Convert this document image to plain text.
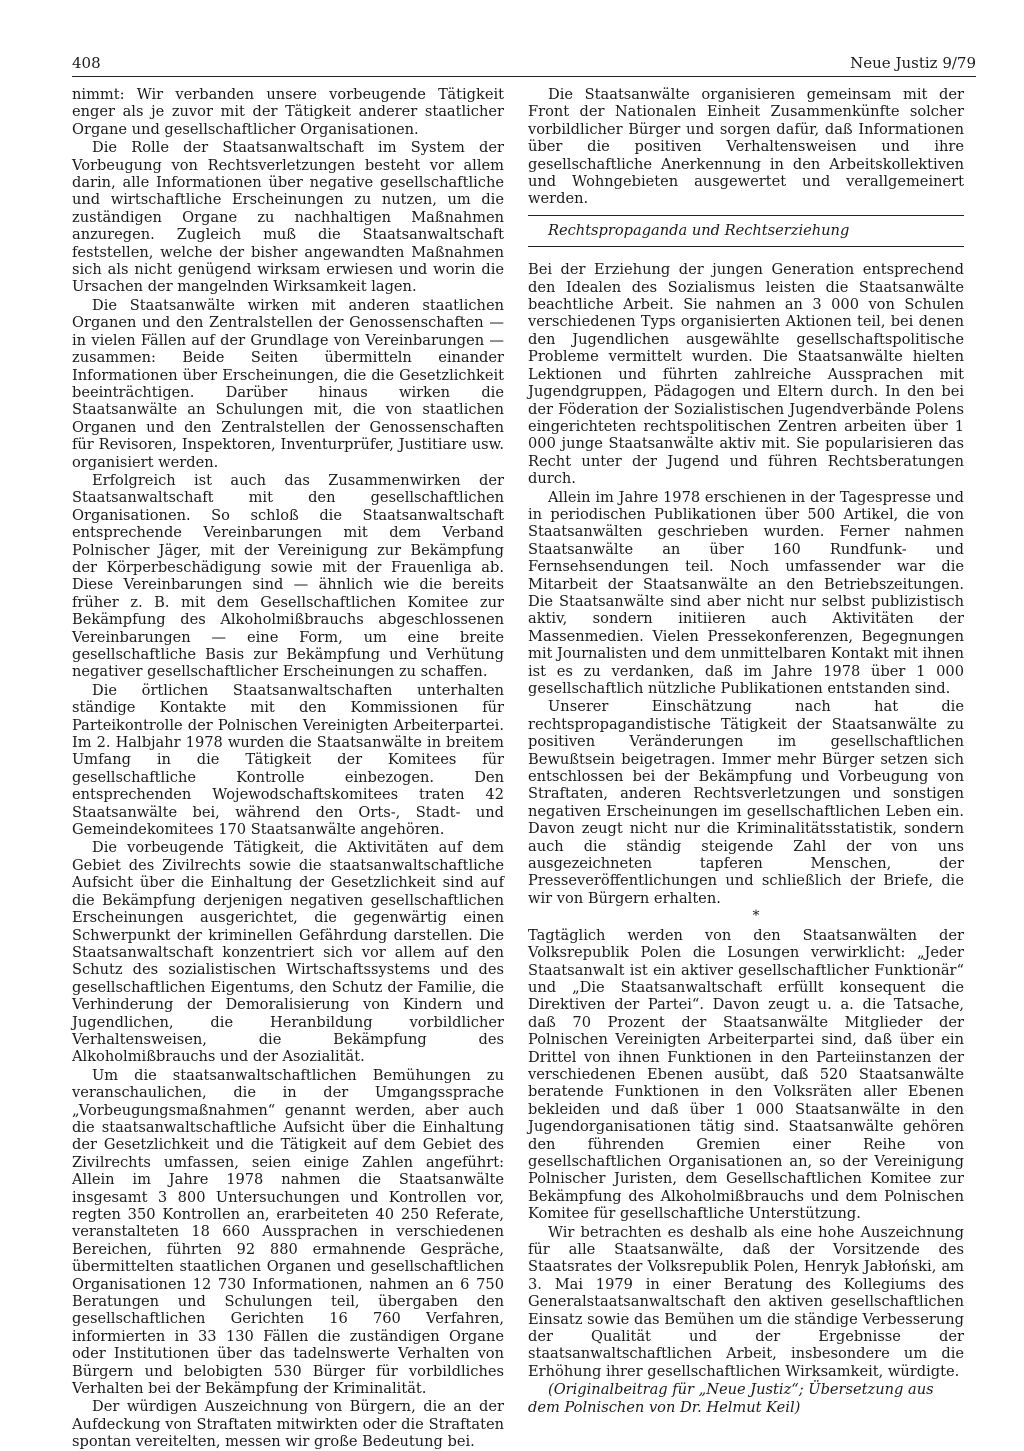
408	Neue Justiz 9/79

nimmt: Wir verbanden unsere vorbeugende Tätigkeit enger als je zuvor mit der Tätigkeit anderer staatlicher Organe und gesellschaftlicher Organisationen.

Die Rolle der Staatsanwaltschaft im System der Vorbeugung von Rechtsverletzungen besteht vor allem darin, alle Informationen über negative gesellschaftliche und wirtschaftliche Erscheinungen zu nutzen, um die zuständigen Organe zu nachhaltigen Maßnahmen anzuregen. Zugleich muß die Staatsanwaltschaft feststellen, welche der bisher angewandten Maßnahmen sich als nicht genügend wirksam erwiesen und worin die Ursachen der mangelnden Wirksamkeit lagen.

Die Staatsanwälte wirken mit anderen staatlichen Organen und den Zentralstellen der Genossenschaften — in vielen Fällen auf der Grundlage von Vereinbarungen — zusammen: Beide Seiten übermitteln einander Informationen über Erscheinungen, die die Gesetzlichkeit beeinträchtigen. Darüber hinaus wirken die Staatsanwälte an Schulungen mit, die von staatlichen Organen und den Zentralstellen der Genossenschaften für Revisoren, Inspektoren, Inventurprüfer, Justitiare usw. organisiert werden.

Erfolgreich ist auch das Zusammenwirken der Staatsanwaltschaft mit den gesellschaftlichen Organisationen. So schloß die Staatsanwaltschaft entsprechende Vereinbarungen mit dem Verband Polnischer Jäger, mit der Vereinigung zur Bekämpfung der Körperbeschädigung sowie mit der Frauenliga ab. Diese Vereinbarungen sind — ähnlich wie die bereits früher z. B. mit dem Gesellschaftlichen Komitee zur Bekämpfung des Alkoholmißbrauchs abgeschlossenen Vereinbarungen — eine Form, um eine breite gesellschaftliche Basis zur Bekämpfung und Verhütung negativer gesellschaftlicher Erscheinungen zu schaffen.

Die örtlichen Staatsanwaltschaften unterhalten ständige Kontakte mit den Kommissionen für Parteikontrolle der Polnischen Vereinigten Arbeiterpartei. Im 2. Halbjahr 1978 wurden die Staatsanwälte in breitem Umfang in die Tätigkeit der Komitees für gesellschaftliche Kontrolle einbezogen. Den entsprechenden Wojewodschaftskomitees traten 42 Staatsanwälte bei, während den Orts-, Stadt- und Gemeindekomitees 170 Staatsanwälte angehören.

Die vorbeugende Tätigkeit, die Aktivitäten auf dem Gebiet des Zivilrechts sowie die staatsanwaltschaftliche Aufsicht über die Einhaltung der Gesetzlichkeit sind auf die Bekämpfung derjenigen negativen gesellschaftlichen Erscheinungen ausgerichtet, die gegenwärtig einen Schwerpunkt der kriminellen Gefährdung darstellen. Die Staatsanwaltschaft konzentriert sich vor allem auf den Schutz des sozialistischen Wirtschaftssystems und des gesellschaftlichen Eigentums, den Schutz der Familie, die Verhinderung der Demoralisierung von Kindern und Jugendlichen, die Heranbildung vorbildlicher Verhaltensweisen, die Bekämpfung des Alkoholmißbrauchs und der Asozialität.

Um die staatsanwaltschaftlichen Bemühungen zu veranschaulichen, die in der Umgangssprache „Vorbeugungsmaßnahmen“ genannt werden, aber auch die staatsanwaltschaftliche Aufsicht über die Einhaltung der Gesetzlichkeit und die Tätigkeit auf dem Gebiet des Zivilrechts umfassen, seien einige Zahlen angeführt: Allein im Jahre 1978 nahmen die Staatsanwälte insgesamt 3 800 Untersuchungen und Kontrollen vor, regten 350 Kontrollen an, erarbeiteten 40 250 Referate, veranstalteten 18 660 Aussprachen in verschiedenen Bereichen, führten 92 880 ermahnende Gespräche, übermittelten staatlichen Organen und gesellschaftlichen Organisationen 12 730 Informationen, nahmen an 6 750 Beratungen und Schulungen teil, übergaben den gesellschaftlichen Gerichten 16 760 Verfahren, informierten in 33 130 Fällen die zuständigen Organe oder Institutionen über das tadelnswerte Verhalten von Bürgern und belobigten 530 Bürger für vorbildliches Verhalten bei der Bekämpfung der Kriminalität.

Der würdigen Auszeichnung von Bürgern, die an der Aufdeckung von Straftaten mitwirkten oder die Straftaten spontan vereitelten, messen wir große Bedeutung bei.

Die Staatsanwälte organisieren gemeinsam mit der Front der Nationalen Einheit Zusammenkünfte solcher vorbildlicher Bürger und sorgen dafür, daß Informationen über die positiven Verhaltensweisen und ihre gesellschaftliche Anerkennung in den Arbeitskollektiven und Wohngebieten ausgewertet und verallgemeinert werden.

Rechtspropaganda und Rechtserziehung

Bei der Erziehung der jungen Generation entsprechend den Idealen des Sozialismus leisten die Staatsanwälte beachtliche Arbeit. Sie nahmen an 3 000 von Schulen verschiedenen Typs organisierten Aktionen teil, bei denen den Jugendlichen ausgewählte gesellschaftspolitische Probleme vermittelt wurden. Die Staatsanwälte hielten Lektionen und führten zahlreiche Aussprachen mit Jugendgruppen, Pädagogen und Eltern durch. In den bei der Föderation der Sozialistischen Jugendverbände Polens eingerichteten rechtspolitischen Zentren arbeiten über 1 000 junge Staatsanwälte aktiv mit. Sie popularisieren das Recht unter der Jugend und führen Rechtsberatungen durch.

Allein im Jahre 1978 erschienen in der Tagespresse und in periodischen Publikationen über 500 Artikel, die von Staatsanwälten geschrieben wurden. Ferner nahmen Staatsanwälte an über 160 Rundfunk- und Fernsehsendungen teil. Noch umfassender war die Mitarbeit der Staatsanwälte an den Betriebszeitungen. Die Staatsanwälte sind aber nicht nur selbst publizistisch aktiv, sondern initiieren auch Aktivitäten der Massenmedien. Vielen Pressekonferenzen, Begegnungen mit Journalisten und dem unmittelbaren Kontakt mit ihnen ist es zu verdanken, daß im Jahre 1978 über 1 000 gesellschaftlich nützliche Publikationen entstanden sind.

Unserer Einschätzung nach hat die rechtspropagandistische Tätigkeit der Staatsanwälte zu positiven Veränderungen im gesellschaftlichen Bewußtsein beigetragen. Immer mehr Bürger setzen sich entschlossen bei der Bekämpfung und Vorbeugung von Straftaten, anderen Rechtsverletzungen und sonstigen negativen Erscheinungen im gesellschaftlichen Leben ein. Davon zeugt nicht nur die Kriminalitätsstatistik, sondern auch die ständig steigende Zahl der von uns ausgezeichneten tapferen Menschen, der Presseveröffentlichungen und schließlich der Briefe, die wir von Bürgern erhalten.

*

Tagtäglich werden von den Staatsanwälten der Volksrepublik Polen die Losungen verwirklicht: „Jeder Staatsanwalt ist ein aktiver gesellschaftlicher Funktionär“ und „Die Staatsanwaltschaft erfüllt konsequent die Direktiven der Partei“. Davon zeugt u. a. die Tatsache, daß 70 Prozent der Staatsanwälte Mitglieder der Polnischen Vereinigten Arbeiterpartei sind, daß über ein Drittel von ihnen Funktionen in den Parteiinstanzen der verschiedenen Ebenen ausübt, daß 520 Staatsanwälte beratende Funktionen in den Volksräten aller Ebenen bekleiden und daß über 1 000 Staatsanwälte in den Jugendorganisationen tätig sind. Staatsanwälte gehören den führenden Gremien einer Reihe von gesellschaftlichen Organisationen an, so der Vereinigung Polnischer Juristen, dem Gesellschaftlichen Komitee zur Bekämpfung des Alkoholmißbrauchs und dem Polnischen Komitee für gesellschaftliche Unterstützung.

Wir betrachten es deshalb als eine hohe Auszeichnung für alle Staatsanwälte, daß der Vorsitzende des Staatsrates der Volksrepublik Polen, Henryk Jabłoński, am 3. Mai 1979 in einer Beratung des Kollegiums des Generalstaatsanwaltschaft den aktiven gesellschaftlichen Einsatz sowie das Bemühen um die ständige Verbesserung der Qualität und der Ergebnisse der staatsanwaltschaftlichen Arbeit, insbesondere um die Erhöhung ihrer gesellschaftlichen Wirksamkeit, würdigte.

(Originalbeitrag für „Neue Justiz“; Übersetzung aus dem Polnischen von Dr. Helmut Keil)
